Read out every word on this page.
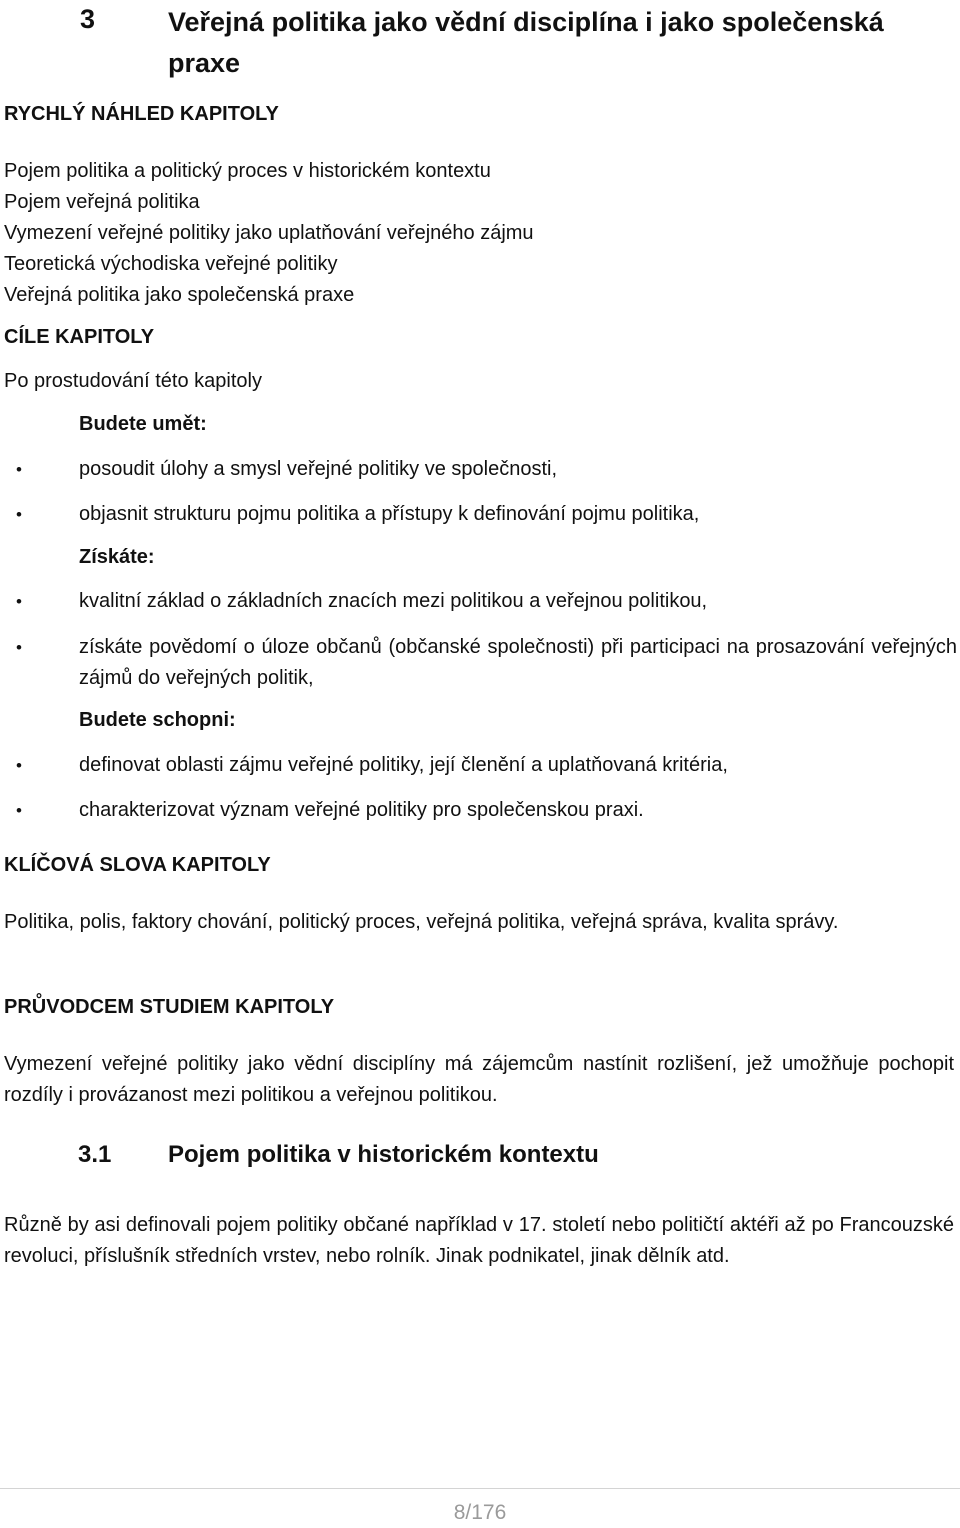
3	Veřejná politika jako vědní disciplína i jako společenská praxe
RYCHLÝ NÁHLED KAPITOLY
Pojem politika a politický proces v historickém kontextu
Pojem veřejná politika
Vymezení veřejné politiky jako uplatňování veřejného zájmu
Teoretická východiska veřejné politiky
Veřejná politika jako společenská praxe
CÍLE KAPITOLY
Po prostudování této kapitoly
Budete umět:
•	posoudit úlohy a smysl veřejné politiky ve společnosti,
•	objasnit strukturu pojmu politika a přístupy k definování pojmu politika,
Získáte:
•	kvalitní základ o základních znacích mezi politikou a veřejnou politikou,
•	získáte povědomí o úloze občanů (občanské společnosti) při participaci na prosazování veřejných zájmů do veřejných politik,
Budete schopni:
•	definovat oblasti zájmu veřejné politiky, její členění a uplatňovaná kritéria,
•	charakterizovat význam veřejné politiky pro společenskou praxi.
KLÍČOVÁ SLOVA KAPITOLY
Politika, polis, faktory chování, politický proces, veřejná politika, veřejná správa, kvalita správy.
PRŮVODCEM STUDIEM KAPITOLY
Vymezení veřejné politiky jako vědní disciplíny má zájemcům nastínit rozlišení, jež umožňuje pochopit rozdíly i provázanost mezi politikou a veřejnou politikou.
3.1 Pojem politika v historickém kontextu
Různě by asi definovali pojem politiky občané například v 17. století nebo političtí aktéři až po Francouzské revoluci, příslušník středních vrstev, nebo rolník. Jinak podnikatel, jinak dělník atd.
8/176
